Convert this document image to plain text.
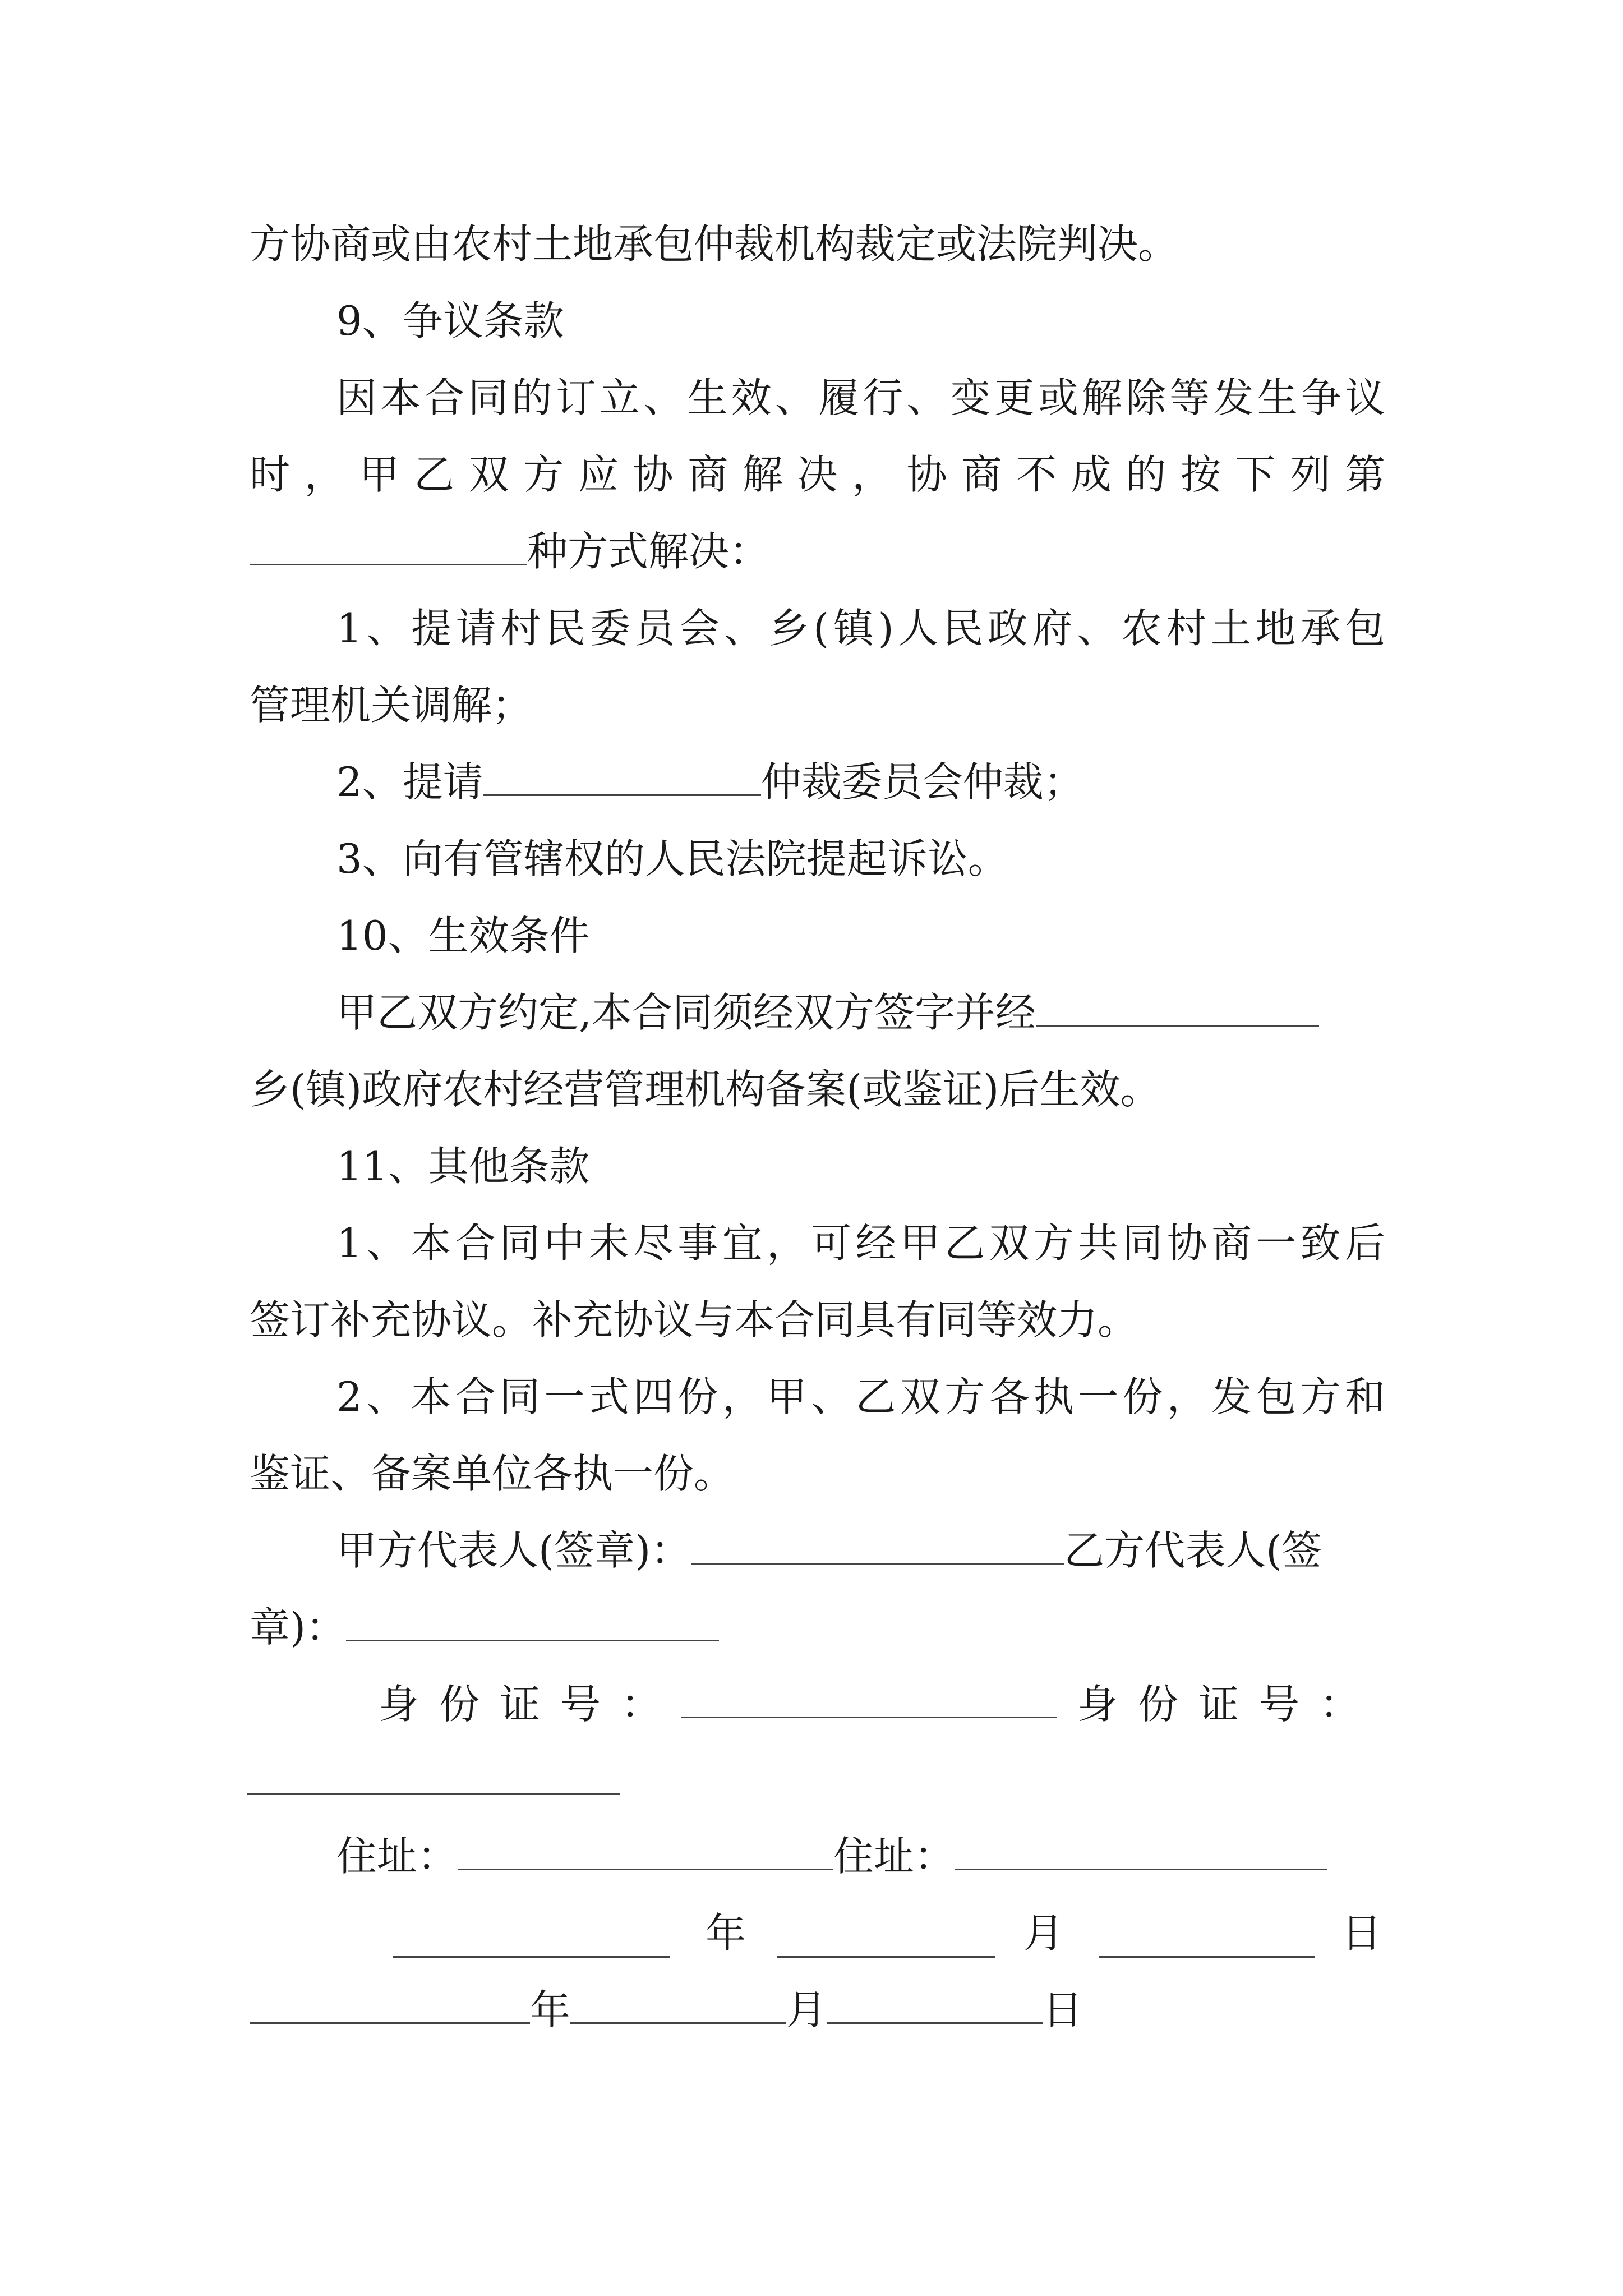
方协商或由农村土地承包仲裁机构裁定或法院判决。
9、争议条款
因本合同的订立、生效、履行、变更或解除等发生争议
时，甲乙双方应协商解决，协商不成的按下列第
种方式解决：
1、提请村民委员会、乡(镇)人民政府、农村土地承包
管理机关调解；
2、提请	仲裁委员会仲裁；
3、向有管辖权的人民法院提起诉讼。
10、生效条件
甲乙双方约定,本合同须经双方签字并经
乡(镇)政府农村经营管理机构备案(或鉴证)后生效。
11、其他条款
1、本合同中未尽事宜，可经甲乙双方共同协商一致后
签订补充协议。补充协议与本合同具有同等效力。
2、本合同一式四份，甲、乙双方各执一份，发包方和
鉴证、备案单位各执一份。
甲方代表人(签章)：	乙方代表人(签
章)：
身份证号：	身份证号：
住址：	住址：
年	月	日
年	月	日
